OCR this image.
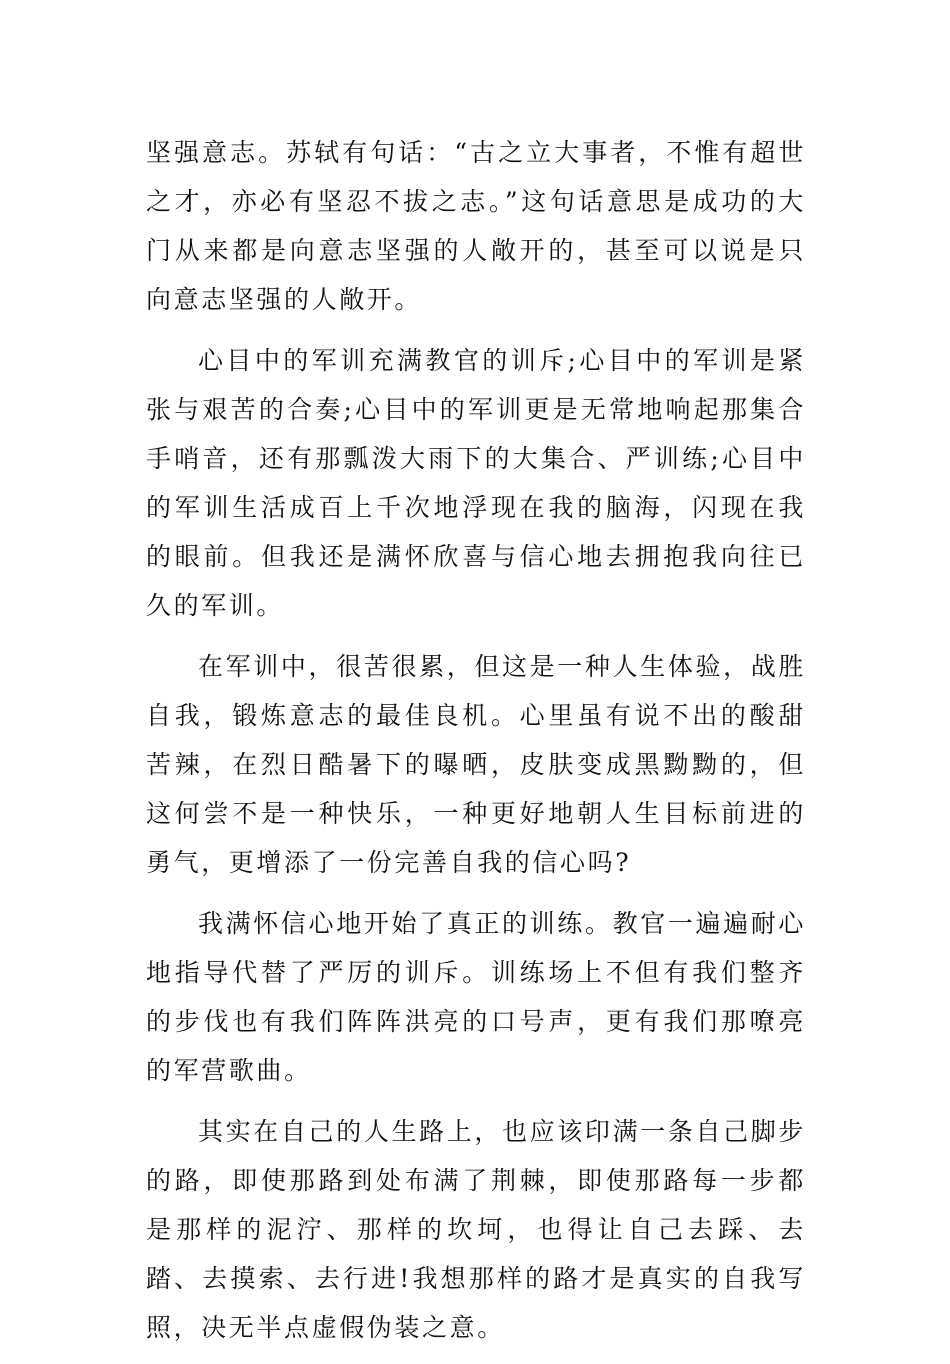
坚强意志。苏轼有句话：“古之立大事者，不惟有超世之才，亦必有坚忍不拔之志。”这句话意思是成功的大门从来都是向意志坚强的人敞开的，甚至可以说是只向意志坚强的人敞开。

心目中的军训充满教官的训斥;心目中的军训是紧张与艰苦的合奏;心目中的军训更是无常地响起那集合手哨音，还有那瓢泼大雨下的大集合、严训练;心目中的军训生活成百上千次地浮现在我的脑海，闪现在我的眼前。但我还是满怀欣喜与信心地去拥抱我向往已久的军训。

在军训中，很苦很累，但这是一种人生体验，战胜自我，锻炼意志的最佳良机。心里虽有说不出的酸甜苦辣，在烈日酷暑下的曝晒，皮肤变成黑黝黝的，但这何尝不是一种快乐，一种更好地朝人生目标前进的勇气，更增添了一份完善自我的信心吗?

我满怀信心地开始了真正的训练。教官一遍遍耐心地指导代替了严厉的训斥。训练场上不但有我们整齐的步伐也有我们阵阵洪亮的口号声，更有我们那嘹亮的军营歌曲。

其实在自己的人生路上，也应该印满一条自己脚步的路，即使那路到处布满了荆棘，即使那路每一步都是那样的泥泞、那样的坎坷，也得让自己去踩、去踏、去摸索、去行进!我想那样的路才是真实的自我写照，决无半点虚假伪装之意。
